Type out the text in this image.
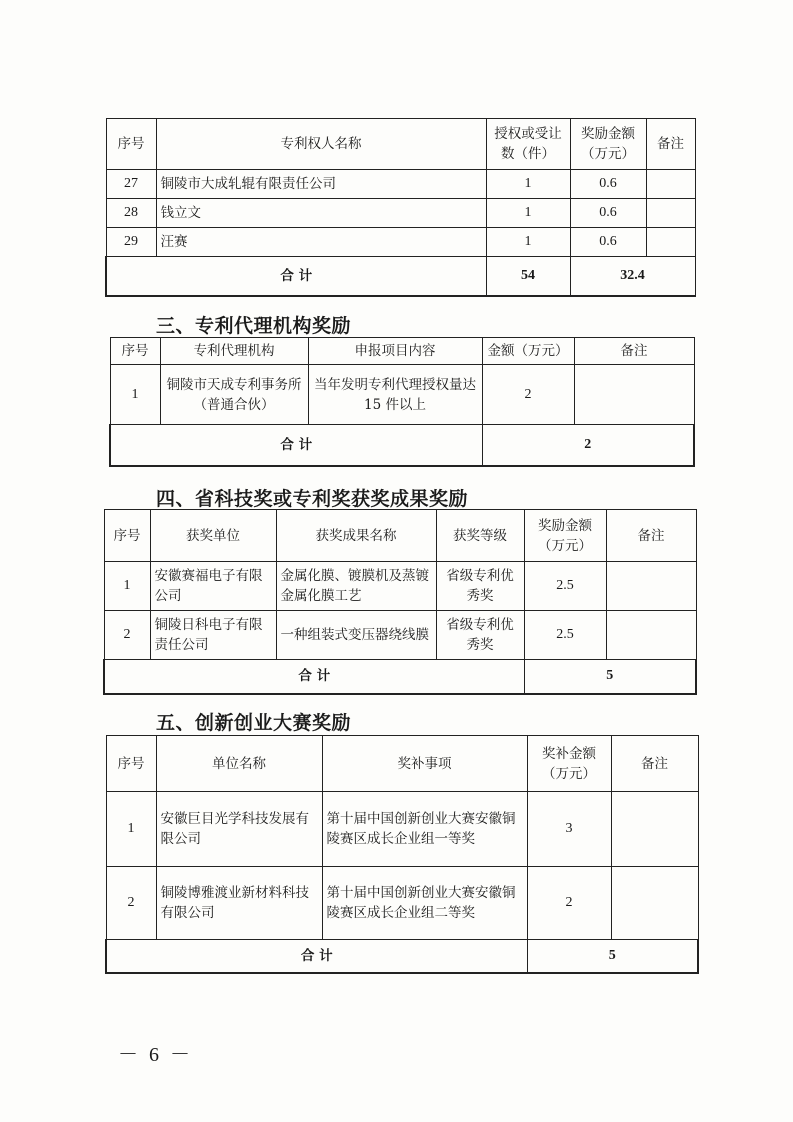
序号	专利权人名称	授权或受让数（件）	奖励金额（万元）	备注
27	铜陵市大成轧辊有限责任公司	1	0.6	
28	钱立文	1	0.6	
29	汪赛	1	0.6	
合 计		54	32.4	
三、专利代理机构奖励
序号	专利代理机构	申报项目内容	金额（万元）	备注
1	铜陵市天成专利事务所（普通合伙）	当年发明专利代理授权量达 15 件以上	2	
合 计			2	
四、省科技奖或专利奖获奖成果奖励
序号	获奖单位	获奖成果名称	获奖等级	奖励金额（万元）	备注
1	安徽赛福电子有限公司	金属化膜、镀膜机及蒸镀金属化膜工艺	省级专利优秀奖	2.5	
2	铜陵日科电子有限责任公司	一种组装式变压器绕线膜	省级专利优秀奖	2.5	
合 计				5	
五、创新创业大赛奖励
序号	单位名称	奖补事项	奖补金额（万元）	备注
1	安徽巨目光学科技发展有限公司	第十届中国创新创业大赛安徽铜陵赛区成长企业组一等奖	3	
2	铜陵博雅渡业新材料科技有限公司	第十届中国创新创业大赛安徽铜陵赛区成长企业组二等奖	2	
合 计			5	
－ 6 －
